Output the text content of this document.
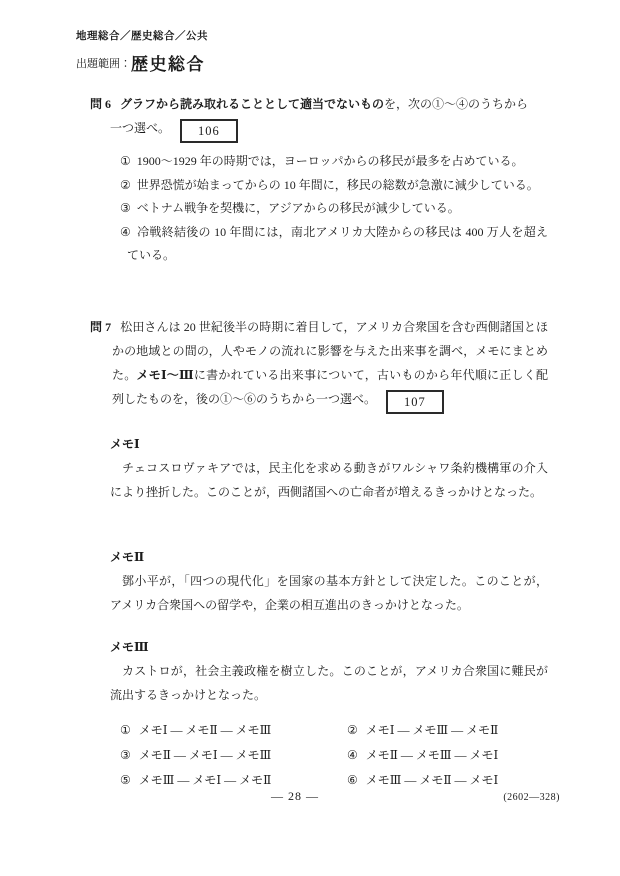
地理総合／歴史総合／公共
出題範囲：歴史総合
問 6 グラフから読み取れることとして適当でないものを，次の①～④のうちから
一つ選べ。 106
① 1900～1929 年の時期では，ヨーロッパからの移民が最多を占めている。
② 世界恐慌が始まってからの 10 年間に，移民の総数が急激に減少している。
③ ベトナム戦争を契機に，アジアからの移民が減少している。
④ 冷戦終結後の 10 年間には，南北アメリカ大陸からの移民は 400 万人を超えている。
問 7 松田さんは 20 世紀後半の時期に着目して，アメリカ合衆国を含む西側諸国とほかの地域との間の，人やモノの流れに影響を与えた出来事を調べ，メモにまとめた。メモⅠ～Ⅲに書かれている出来事について，古いものから年代順に正しく配列したものを，後の①～⑥のうちから一つ選べ。 107
メモⅠ
チェコスロヴァキアでは，民主化を求める動きがワルシャワ条約機構軍の介入により挫折した。このことが，西側諸国への亡命者が増えるきっかけとなった。
メモⅡ
鄧小平が，「四つの現代化」を国家の基本方針として決定した。このことが，アメリカ合衆国への留学や，企業の相互進出のきっかけとなった。
メモⅢ
カストロが，社会主義政権を樹立した。このことが，アメリカ合衆国に難民が流出するきっかけとなった。
① メモⅠ ― メモⅡ ― メモⅢ	② メモⅠ ― メモⅢ ― メモⅡ
③ メモⅡ ― メモⅠ ― メモⅢ	④ メモⅡ ― メモⅢ ― メモⅠ
⑤ メモⅢ ― メモⅠ ― メモⅡ	⑥ メモⅢ ― メモⅡ ― メモⅠ
— 28 —	(2602—328)
